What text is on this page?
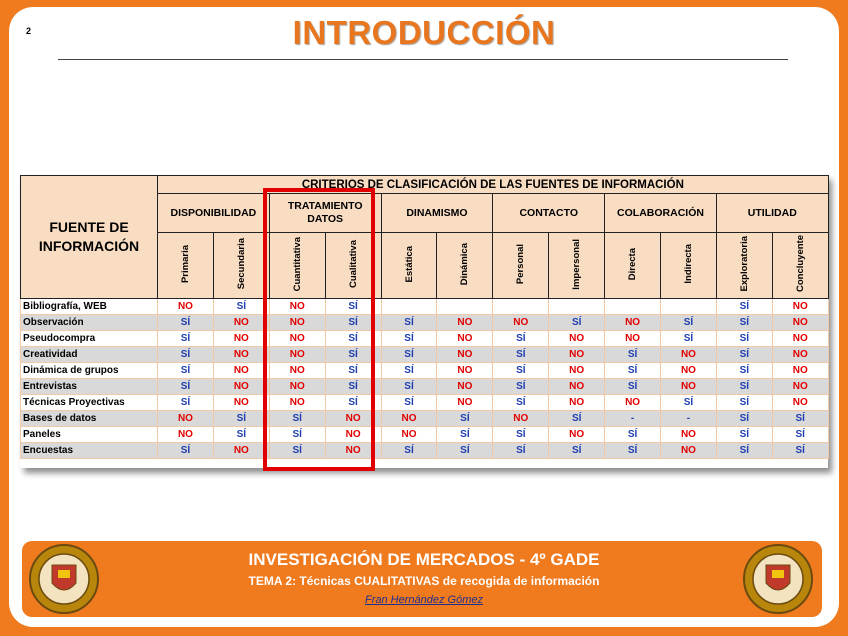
2	INTRODUCCIÓN
FUENTE DE INFORMACIÓN	CRITERIOS DE CLASIFICACIÓN DE LAS FUENTES DE INFORMACIÓN											
	DISPONIBILIDAD		TRATAMIENTO DATOS		DINAMISMO		CONTACTO		COLABORACIÓN		UTILIDAD	
	Primaria	Secundaria	Cuantitativa	Cualitativa	Estática	Dinámica	Personal	Impersonal	Directa	Indirecta	Exploratoria	Concluyente
Bibliografía, WEB	NO	SÍ	NO	SÍ							SÍ	NO
Observación	SÍ	NO	NO	SÍ	SÍ	NO	NO	SÍ	NO	SÍ	SÍ	NO
Pseudocompra	SÍ	NO	NO	SÍ	SÍ	NO	SÍ	NO	NO	SÍ	SÍ	NO
Creatividad	SÍ	NO	NO	SÍ	SÍ	NO	SÍ	NO	SÍ	NO	SÍ	NO
Dinámica de grupos	SÍ	NO	NO	SÍ	SÍ	NO	SÍ	NO	SÍ	NO	SÍ	NO
Entrevistas	SÍ	NO	NO	SÍ	SÍ	NO	SÍ	NO	SÍ	NO	SÍ	NO
Técnicas Proyectivas	SÍ	NO	NO	SÍ	SÍ	NO	SÍ	NO	NO	SÍ	SÍ	NO
Bases de datos	NO	SÍ	SÍ	NO	NO	SÍ	NO	SÍ	-	-	SÍ	SÍ
Paneles	NO	SÍ	SÍ	NO	NO	SÍ	SÍ	NO	SÍ	NO	SÍ	SÍ
Encuestas	SÍ	NO	SÍ	NO	SÍ	SÍ	SÍ	SÍ	SÍ	NO	SÍ	SÍ
INVESTIGACIÓN DE MERCADOS - 4º GADE
TEMA 2: Técnicas CUALITATIVAS de recogida de información
Fran Hernández Gómez
